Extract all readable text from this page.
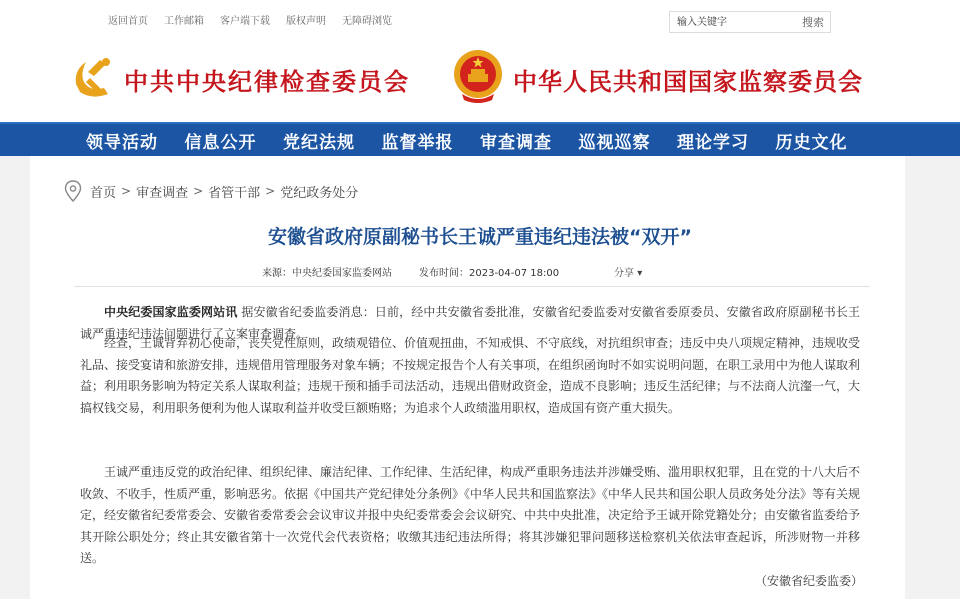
返回首页 工作邮箱 客户端下载 版权声明 无障碍浏览
输入关键字	搜索
中共中央纪律检查委员会	中华人民共和国国家监察委员会
领导活动	信息公开	党纪法规	监督举报	审查调查	巡视巡察	理论学习	历史文化
首页 > 审查调查 > 省管干部 > 党纪政务处分
安徽省政府原副秘书长王诚严重违纪违法被“双开”
来源：中央纪委国家监委网站	发布时间：2023-04-07 18:00	分享 ▾

中央纪委国家监委网站讯 据安徽省纪委监委消息：日前，经中共安徽省委批准，安徽省纪委监委对安徽省委原委员、安徽省政府原副秘书长王诚严重违纪违法问题进行了立案审查调查。

经查，王诚背弃初心使命，丧失党性原则，政绩观错位、价值观扭曲，不知戒惧、不守底线，对抗组织审查；违反中央八项规定精神，违规收受礼品、接受宴请和旅游安排，违规借用管理服务对象车辆；不按规定报告个人有关事项，在组织函询时不如实说明问题，在职工录用中为他人谋取利益；利用职务影响为特定关系人谋取利益；违规干预和插手司法活动，违规出借财政资金，造成不良影响；违反生活纪律；与不法商人沆瀣一气，大搞权钱交易，利用职务便利为他人谋取利益并收受巨额贿赂；为追求个人政绩滥用职权，造成国有资产重大损失。

王诚严重违反党的政治纪律、组织纪律、廉洁纪律、工作纪律、生活纪律，构成严重职务违法并涉嫌受贿、滥用职权犯罪，且在党的十八大后不收敛、不收手，性质严重，影响恶劣。依据《中国共产党纪律处分条例》《中华人民共和国监察法》《中华人民共和国公职人员政务处分法》等有关规定，经安徽省纪委常委会、安徽省委常委会会议审议并报中央纪委常委会会议研究、中共中央批准，决定给予王诚开除党籍处分；由安徽省监委给予其开除公职处分；终止其安徽省第十一次党代会代表资格；收缴其违纪违法所得；将其涉嫌犯罪问题移送检察机关依法审查起诉，所涉财物一并移送。

（安徽省纪委监委）
